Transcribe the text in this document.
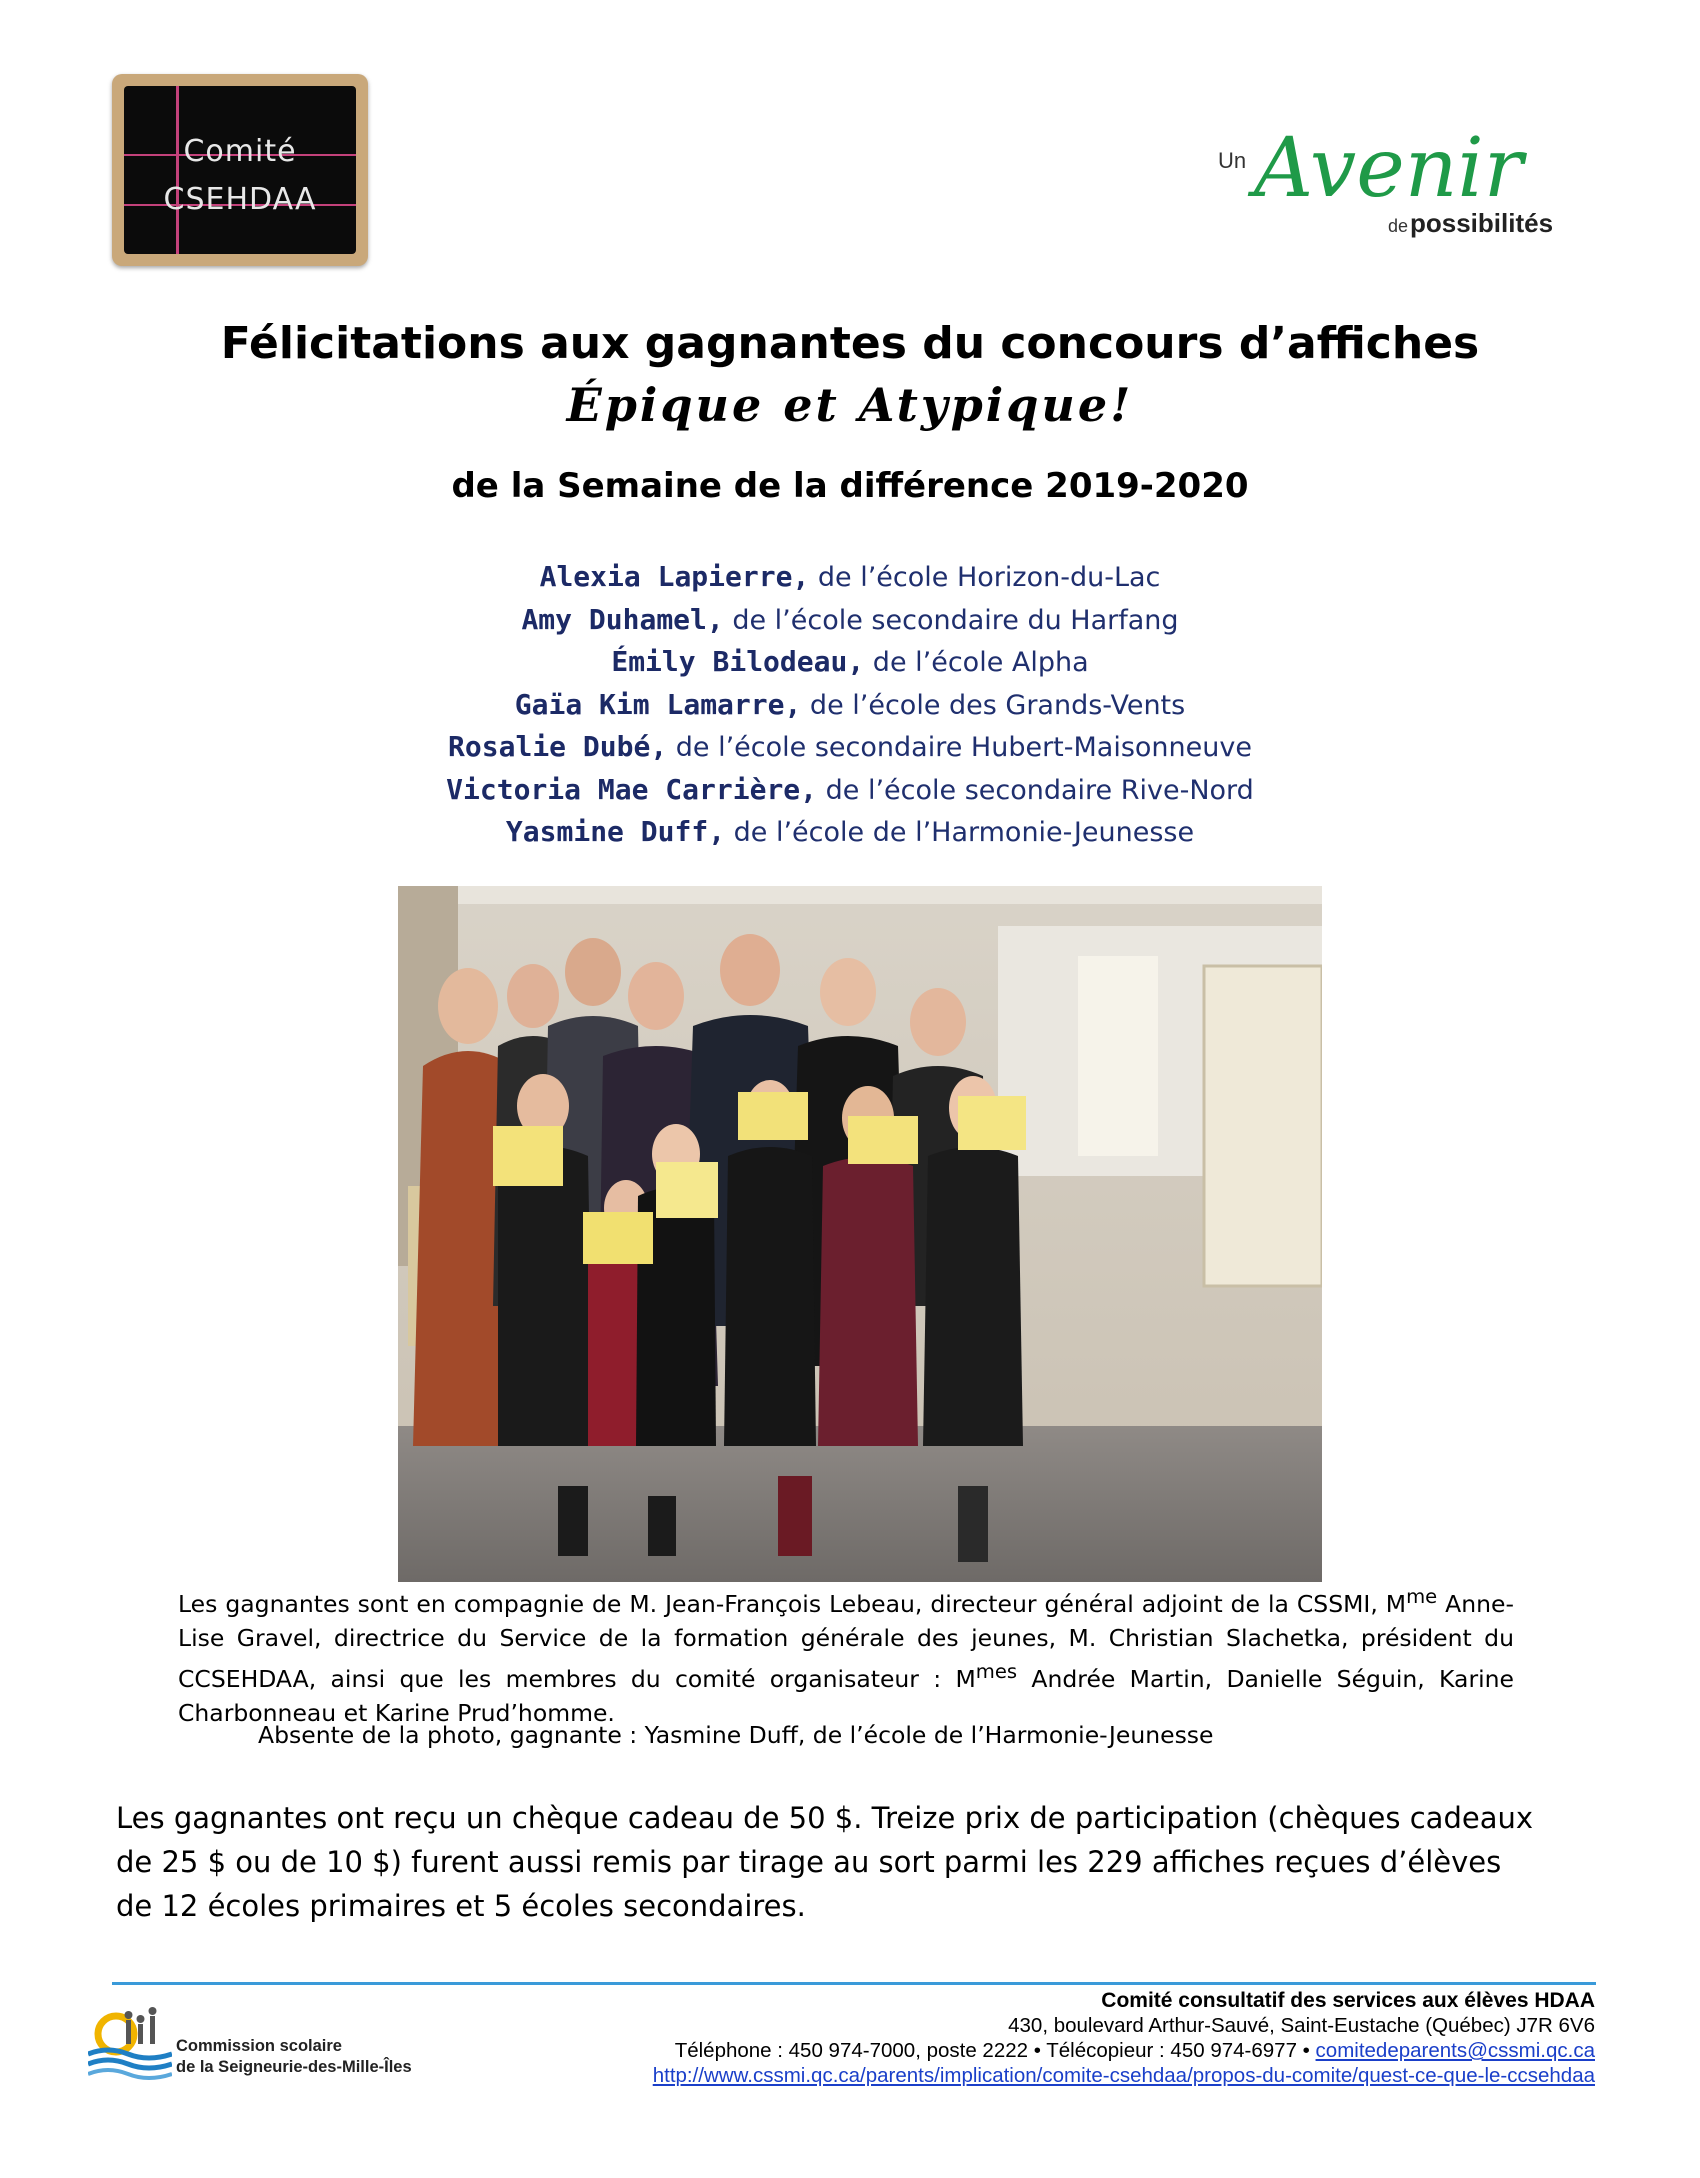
Comité
CSEHDAA
Un Avenir
de possibilités
Félicitations aux gagnantes du concours d’affiches
Épique et Atypique!
de la Semaine de la différence 2019-2020
Alexia Lapierre, de l’école Horizon-du-Lac
Amy Duhamel, de l’école secondaire du Harfang
Émily Bilodeau, de l’école Alpha
Gaïa Kim Lamarre, de l’école des Grands-Vents
Rosalie Dubé, de l’école secondaire Hubert-Maisonneuve
Victoria Mae Carrière, de l’école secondaire Rive-Nord
Yasmine Duff, de l’école de l’Harmonie-Jeunesse

Les gagnantes sont en compagnie de M. Jean-François Lebeau, directeur général adjoint de la CSSMI, $M^{me}$ Anne-Lise Gravel, directrice du Service de la formation générale des jeunes, M. Christian Slachetka, président du CCSEHDAA, ainsi que les membres du comité organisateur : $M^{mes}$ Andrée Martin, Danielle Séguin, Karine Charbonneau et Karine Prud’homme.

Absente de la photo, gagnante : Yasmine Duff, de l’école de l’Harmonie-Jeunesse

Les gagnantes ont reçu un chèque cadeau de 50 $. Treize prix de participation (chèques cadeaux de 25 $ ou de 10 $) furent aussi remis par tirage au sort parmi les 229 affiches reçues d’élèves de 12 écoles primaires et 5 écoles secondaires.

Commission scolaire
de la Seigneurie-des-Mille-Îles
Comité consultatif des services aux élèves HDAA
430, boulevard Arthur-Sauvé, Saint-Eustache (Québec) J7R 6V6
Téléphone : 450 974-7000, poste 2222 • Télécopieur : 450 974-6977 • comitedeparents@cssmi.qc.ca
http://www.cssmi.qc.ca/parents/implication/comite-csehdaa/propos-du-comite/quest-ce-que-le-ccsehdaa
